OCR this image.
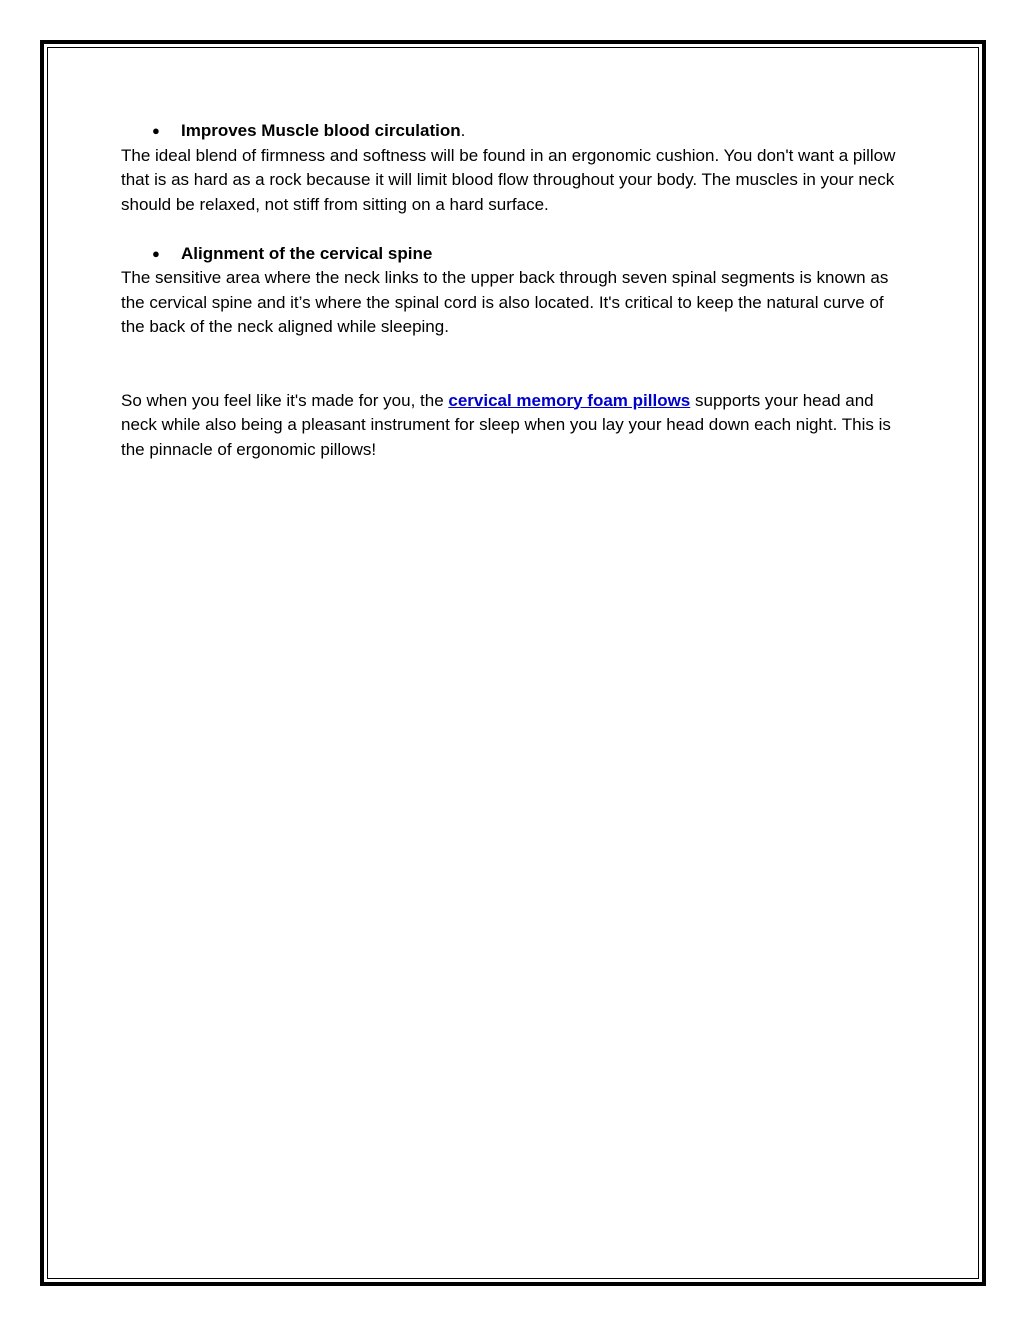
● Improves Muscle blood circulation.

The ideal blend of firmness and softness will be found in an ergonomic cushion. You don't want a pillow that is as hard as a rock because it will limit blood flow throughout your body. The muscles in your neck should be relaxed, not stiff from sitting on a hard surface.

● Alignment of the cervical spine

The sensitive area where the neck links to the upper back through seven spinal segments is known as the cervical spine and it’s where the spinal cord is also located. It's critical to keep the natural curve of the back of the neck aligned while sleeping.

So when you feel like it's made for you, the cervical memory foam pillows supports your head and neck while also being a pleasant instrument for sleep when you lay your head down each night. This is the pinnacle of ergonomic pillows!
